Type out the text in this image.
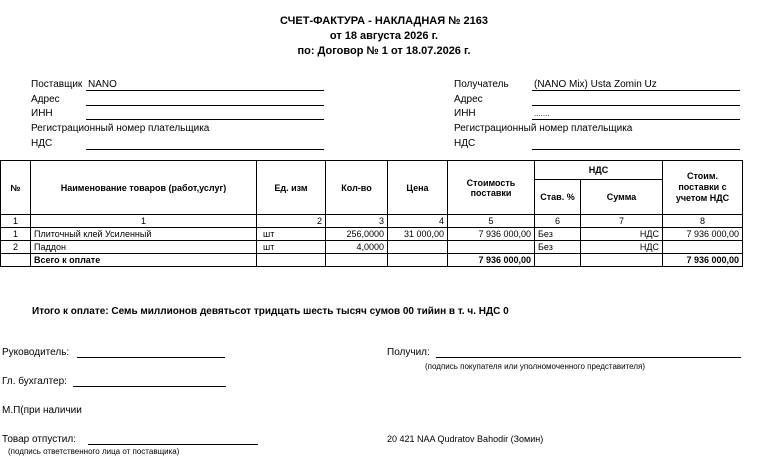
СЧЕТ-ФАКТУРА - НАКЛАДНАЯ № 2163
от 18 августа 2026 г.
по: Договор № 1 от 18.07.2026 г.
Поставщик NANO
Адрес
ИНН
Регистрационный номер плательщика
НДС
Получатель	(NANO Mix) Usta Zomin Uz
Адрес
ИНН	.......
Регистрационный номер плательщика
НДС
№	Наименование товаров (работ,услуг)	Ед. изм	Кол-во	Цена	Стоимость поставки	НДС		Стоим. поставки с учетом НДС
						Став. %	Сумма	
1	1	2	3	4	5	6	7	8
1	Плиточный клей Усиленный	шт	256,0000	31 000,00	7 936 000,00	Без	НДС	7 936 000,00
2	Паддон	шт	4,0000			Без	НДС	
	Всего к оплате				7 936 000,00			7 936 000,00
Итого к оплате: Семь миллионов девятьсот тридцать шесть тысяч сумов 00 тийин в т. ч. НДС 0
Руководитель:	Получил:
(подпись покупателя или уполномоченного представителя)
Гл. бухгалтер:
М.П(при наличии
Товар отпустил:
(подпись ответственного лица от поставщика)
20 421 NAA Qudratov Bahodir (Зомин)
